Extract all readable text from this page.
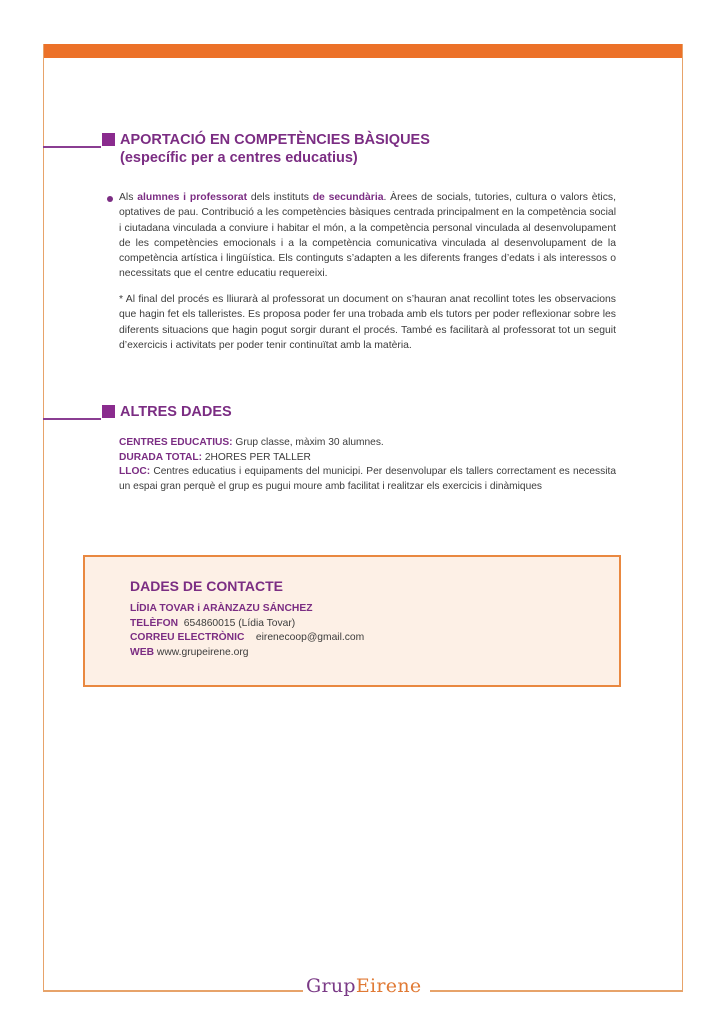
APORTACIÓ EN COMPETÈNCIES BÀSIQUES
(específic per a centres educatius)
Als alumnes i professorat dels instituts de secundària. Àrees de socials, tutories, cultura o valors ètics, optatives de pau. Contribució a les competències bàsiques centrada principalment en la competència social i ciutadana vinculada a conviure i habitar el món, a la competència personal vinculada al desenvolupament de les competències emocionals i a la competència comunicativa vinculada al desenvolupament de la competència artística i lingüística. Els continguts s’adapten a les diferents franges d’edats i als interessos o necessitats que el centre educatiu requereixi.
* Al final del procés es lliurarà al professorat un document on s’hauran anat recollint totes les observacions que hagin fet els talleristes. Es proposa poder fer una trobada amb els tutors per poder reflexionar sobre les diferents situacions que hagin pogut sorgir durant el procés. També es facilitarà al professorat tot un seguit d’exercicis i activitats per poder tenir continuïtat amb la matèria.
ALTRES DADES
CENTRES EDUCATIUS: Grup classe, màxim 30 alumnes.
DURADA TOTAL: 2HORES PER TALLER
LLOC: Centres educatius i equipaments del municipi. Per desenvolupar els tallers correctament es necessita un espai gran perquè el grup es pugui moure amb facilitat i realitzar els exercicis i dinàmiques
DADES DE CONTACTE
LÍDIA TOVAR i ARÀNZAZU SÁNCHEZ
TELÈFON 654860015 (Lídia Tovar)
CORREU ELECTRÒNIC eirenecoop@gmail.com
WEB www.grupeirene.org
GrupEirene
